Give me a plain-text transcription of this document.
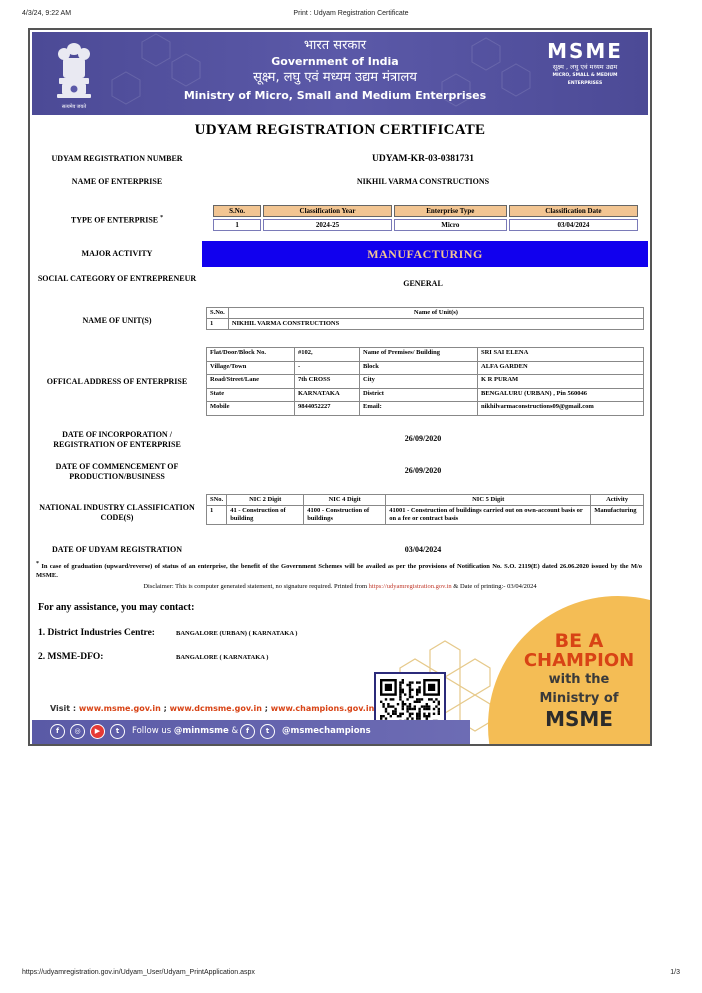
4/3/24, 9:22 AM	Print : Udyam Registration Certificate
सत्यमेव जयते
भारत सरकार
Government of India
सूक्ष्म, लघु एवं मध्यम उद्यम मंत्रालय
Ministry of Micro, Small and Medium Enterprises
MSME
सूक्ष्म , लघु एवं मध्यम उद्यम
MICRO, SMALL & MEDIUM ENTERPRISES
UDYAM REGISTRATION CERTIFICATE
UDYAM REGISTRATION NUMBER	UDYAM-KR-03-0381731
NAME OF ENTERPRISE	NIKHIL VARMA CONSTRUCTIONS
TYPE OF ENTERPRISE *
S.No.	Classification Year	Enterprise Type	Classification Date
1	2024-25	Micro	03/04/2024
MAJOR ACTIVITY	MANUFACTURING
SOCIAL CATEGORY OF ENTREPRENEUR
GENERAL
NAME OF UNIT(S)
S.No.	Name of Unit(s)
1	NIKHIL VARMA CONSTRUCTIONS
OFFICAL ADDRESS OF ENTERPRISE
Flat/Door/Block No.	#102,	Name of Premises/ Building	SRI SAI ELENA
Village/Town	-	Block	ALFA GARDEN
Road/Street/Lane	7th CROSS	City	K R PURAM
State	KARNATAKA	District	BENGALURU (URBAN) , Pin 560046
Mobile	9844052227	Email:	nikhilvarmaconstructions09@gmail.com
DATE OF INCORPORATION / REGISTRATION OF ENTERPRISE
26/09/2020
DATE OF COMMENCEMENT OF PRODUCTION/BUSINESS
26/09/2020
NATIONAL INDUSTRY CLASSIFICATION CODE(S)
SNo.	NIC 2 Digit	NIC 4 Digit	NIC 5 Digit	Activity
1	41 - Construction of building	4100 - Construction of buildings	41001 - Construction of buildings carried out on own-account basis or on a fee or contract basis	Manufacturing
DATE OF UDYAM REGISTRATION	03/04/2024
* In case of graduation (upward/reverse) of status of an enterprise, the benefit of the Government Schemes will be availed as per the provisions of Notification No. S.O. 2119(E) dated 26.06.2020 issued by the M/o MSME.
Disclaimer: This is computer generated statement, no signature required. Printed from https://udyamregistration.gov.in & Date of printing:- 03/04/2024
For any assistance, you may contact:
1. District Industries Centre:	BANGALORE (URBAN) ( KARNATAKA )
2. MSME-DFO:	BANGALORE ( KARNATAKA )
BE A
CHAMPION
with the
Ministry of
MSME
Visit : www.msme.gov.in ; www.dcmsme.gov.in ; www.champions.gov.in
f	◎	▶	t	Follow us @minmsme &	f	t	@msmechampions
https://udyamregistration.gov.in/Udyam_User/Udyam_PrintApplication.aspx	1/3
